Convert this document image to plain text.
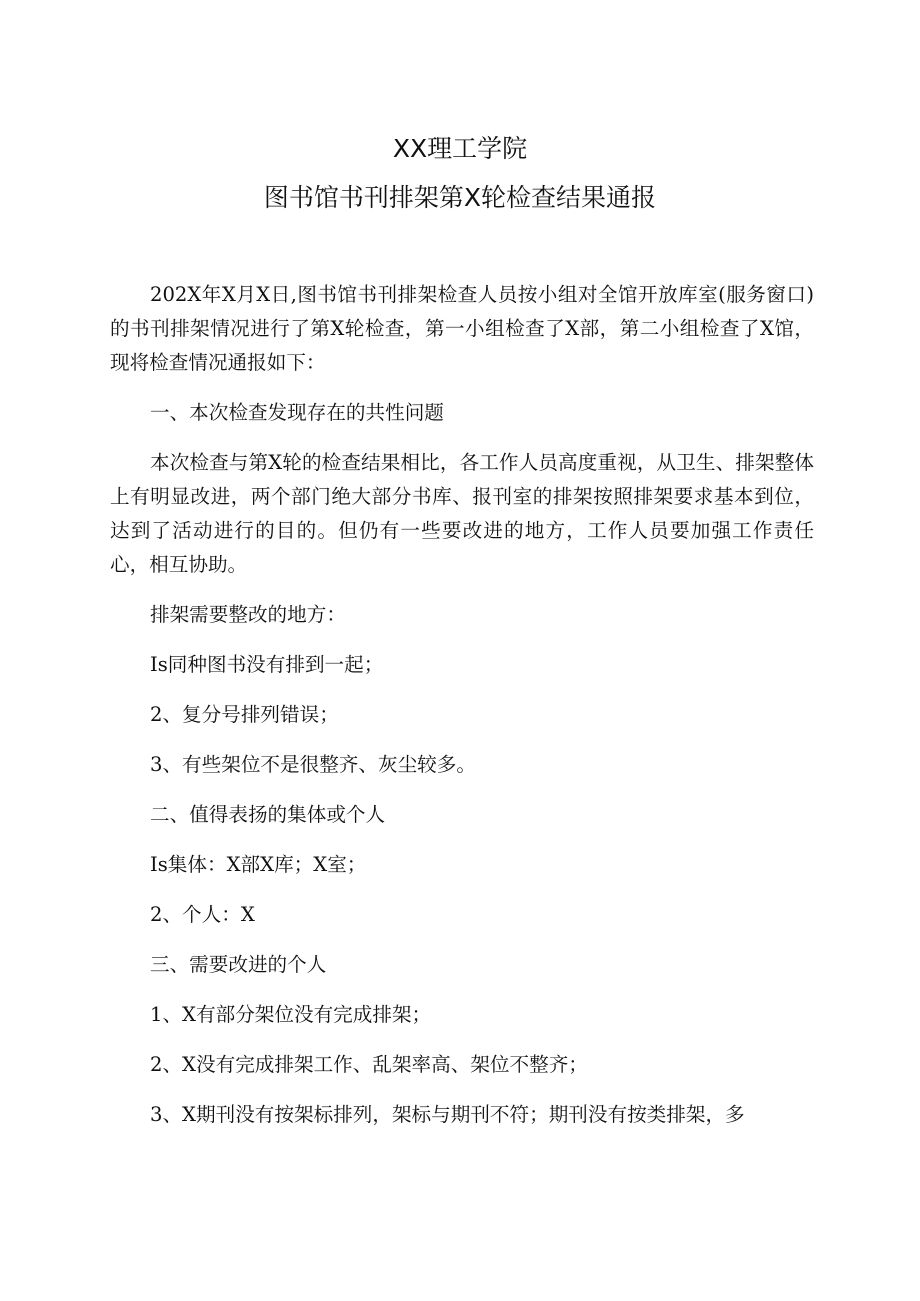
XX理工学院
图书馆书刊排架第X轮检查结果通报

202X年X月X日,图书馆书刊排架检查人员按小组对全馆开放库室(服务窗口)的书刊排架情况进行了第X轮检查，第一小组检查了X部，第二小组检查了X馆，现将检查情况通报如下：

一、本次检查发现存在的共性问题

本次检查与第X轮的检查结果相比，各工作人员高度重视，从卫生、排架整体上有明显改进，两个部门绝大部分书库、报刊室的排架按照排架要求基本到位，达到了活动进行的目的。但仍有一些要改进的地方，工作人员要加强工作责任心，相互协助。

排架需要整改的地方：

Is同种图书没有排到一起；

2、复分号排列错误；

3、有些架位不是很整齐、灰尘较多。

二、值得表扬的集体或个人

Is集体：X部X库；X室；

2、个人：X

三、需要改进的个人

1、X有部分架位没有完成排架；

2、X没有完成排架工作、乱架率高、架位不整齐；

3、X期刊没有按架标排列，架标与期刊不符；期刊没有按类排架，多
